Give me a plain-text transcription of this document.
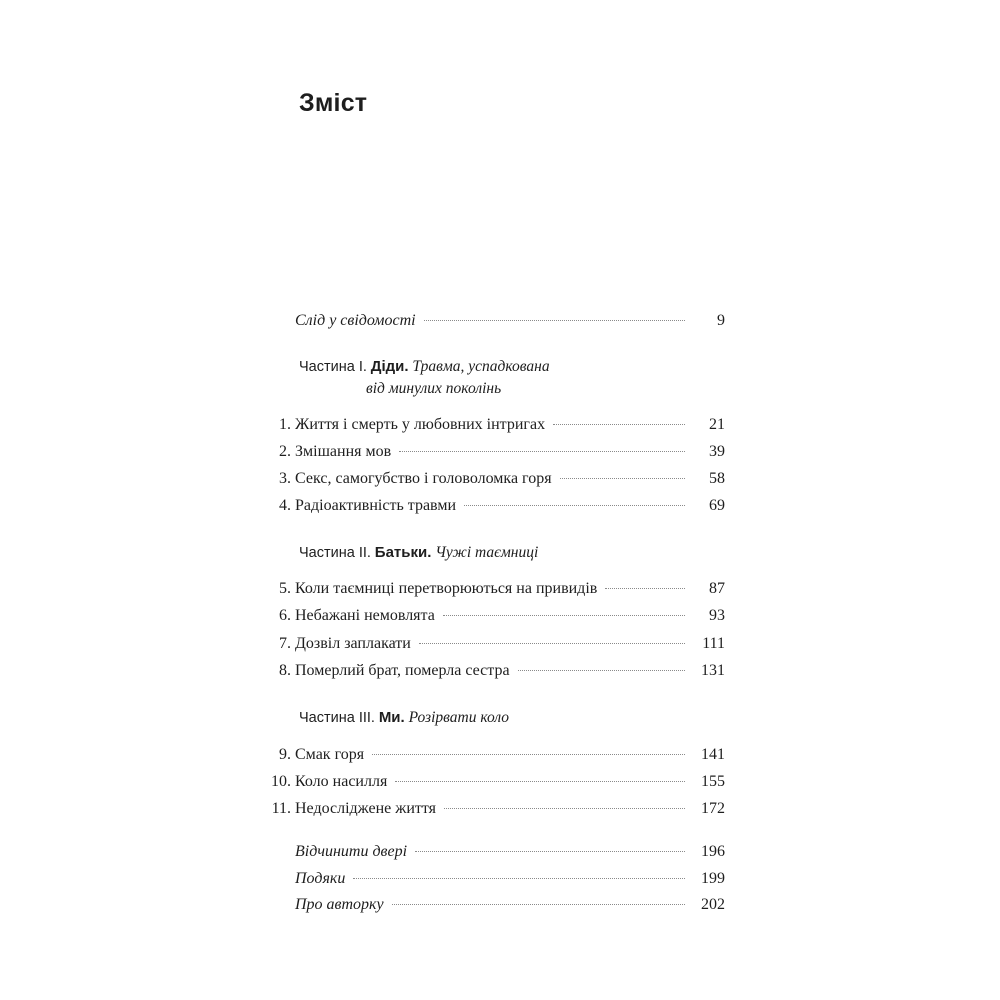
Зміст
Слід у свідомості	9
Частина I. Діди. Травма, успадкована
від минулих поколінь
1. Життя і смерть у любовних інтригах	21
2. Змішання мов	39
3. Секс, самогубство і головоломка горя	58
4. Радіоактивність травми	69
Частина II. Батьки. Чужі таємниці
5. Коли таємниці перетворюються на привидів	87
6. Небажані немовлята	93
7. Дозвіл заплакати	111
8. Померлий брат, померла сестра	131
Частина III. Ми. Розірвати коло
9. Смак горя	141
10. Коло насилля	155
11. Недосліджене життя	172
Відчинити двері	196
Подяки	199
Про авторку	202
